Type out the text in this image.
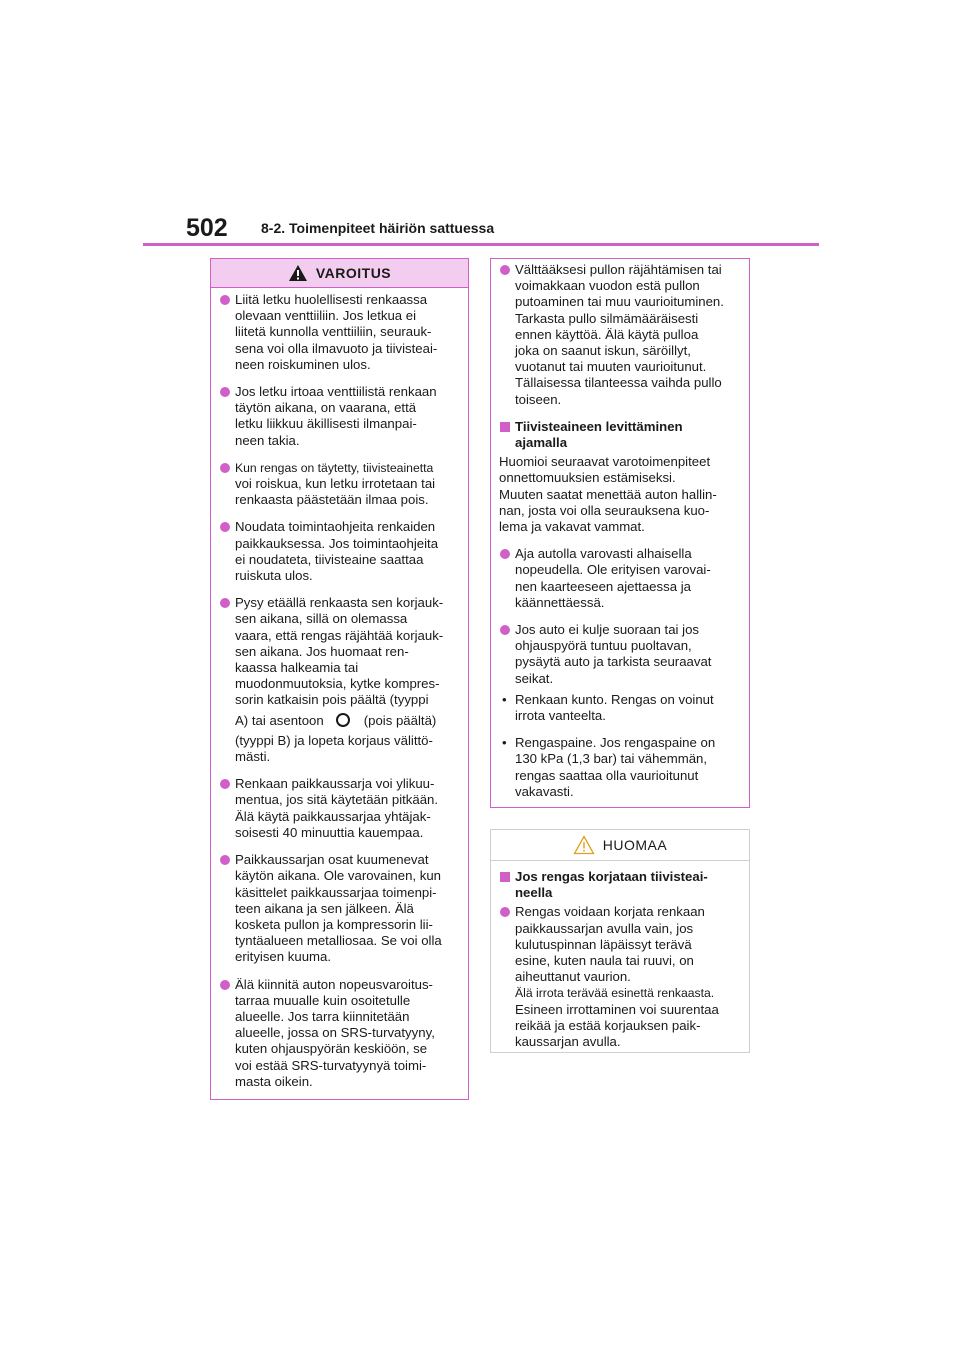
502 8-2. Toimenpiteet häiriön sattuessa
VAROITUS
Liitä letku huolellisesti renkaassa
olevaan venttiiliin. Jos letkua ei
liitetä kunnolla venttiiliin, seurauk-
sena voi olla ilmavuoto ja tiivisteai-
neen roiskuminen ulos.
Jos letku irtoaa venttiilistä renkaan
täytön aikana, on vaarana, että
letku liikkuu äkillisesti ilmanpai-
neen takia.
Kun rengas on täytetty, tiivisteainetta
voi roiskua, kun letku irrotetaan tai
renkaasta päästetään ilmaa pois.
Noudata toimintaohjeita renkaiden
paikkauksessa. Jos toimintaohjeita
ei noudateta, tiivisteaine saattaa
ruiskuta ulos.
Pysy etäällä renkaasta sen korjauk-
sen aikana, sillä on olemassa
vaara, että rengas räjähtää korjauk-
sen aikana. Jos huomaat ren-
kaassa halkeamia tai
muodonmuutoksia, kytke kompres-
sorin katkaisin pois päältä (tyyppi
A) tai asentoon	(pois päältä)
(tyyppi B) ja lopeta korjaus välittö-
mästi.
Renkaan paikkaussarja voi ylikuu-
mentua, jos sitä käytetään pitkään.
Älä käytä paikkaussarjaa yhtäjak-
soisesti 40 minuuttia kauempaa.
Paikkaussarjan osat kuumenevat
käytön aikana. Ole varovainen, kun
käsittelet paikkaussarjaa toimenpi-
teen aikana ja sen jälkeen. Älä
kosketa pullon ja kompressorin lii-
tyntäalueen metalliosaa. Se voi olla
erityisen kuuma.
Älä kiinnitä auton nopeusvaroitus-
tarraa muualle kuin osoitetulle
alueelle. Jos tarra kiinnitetään
alueelle, jossa on SRS-turvatyyny,
kuten ohjauspyörän keskiöön, se
voi estää SRS-turvatyynyä toimi-
masta oikein.
Välttääksesi pullon räjähtämisen tai
voimakkaan vuodon estä pullon
putoaminen tai muu vaurioituminen.
Tarkasta pullo silmämääräisesti
ennen käyttöä. Älä käytä pulloa
joka on saanut iskun, säröillyt,
vuotanut tai muuten vaurioitunut.
Tällaisessa tilanteessa vaihda pullo
toiseen.
Tiivisteaineen levittäminen
ajamalla
Huomioi seuraavat varotoimenpiteet
onnettomuuksien estämiseksi.
Muuten saatat menettää auton hallin-
nan, josta voi olla seurauksena kuo-
lema ja vakavat vammat.
Aja autolla varovasti alhaisella
nopeudella. Ole erityisen varovai-
nen kaarteeseen ajettaessa ja
käännettäessä.
Jos auto ei kulje suoraan tai jos
ohjauspyörä tuntuu puoltavan,
pysäytä auto ja tarkista seuraavat
seikat.
• Renkaan kunto. Rengas on voinut
irrota vanteelta.
• Rengaspaine. Jos rengaspaine on
130 kPa (1,3 bar) tai vähemmän,
rengas saattaa olla vaurioitunut
vakavasti.
HUOMAA
Jos rengas korjataan tiivisteai-
neella
Rengas voidaan korjata renkaan
paikkaussarjan avulla vain, jos
kulutuspinnan läpäissyt terävä
esine, kuten naula tai ruuvi, on
aiheuttanut vaurion.
Älä irrota terävää esinettä renkaasta.
Esineen irrottaminen voi suurentaa
reikää ja estää korjauksen paik-
kaussarjan avulla.
